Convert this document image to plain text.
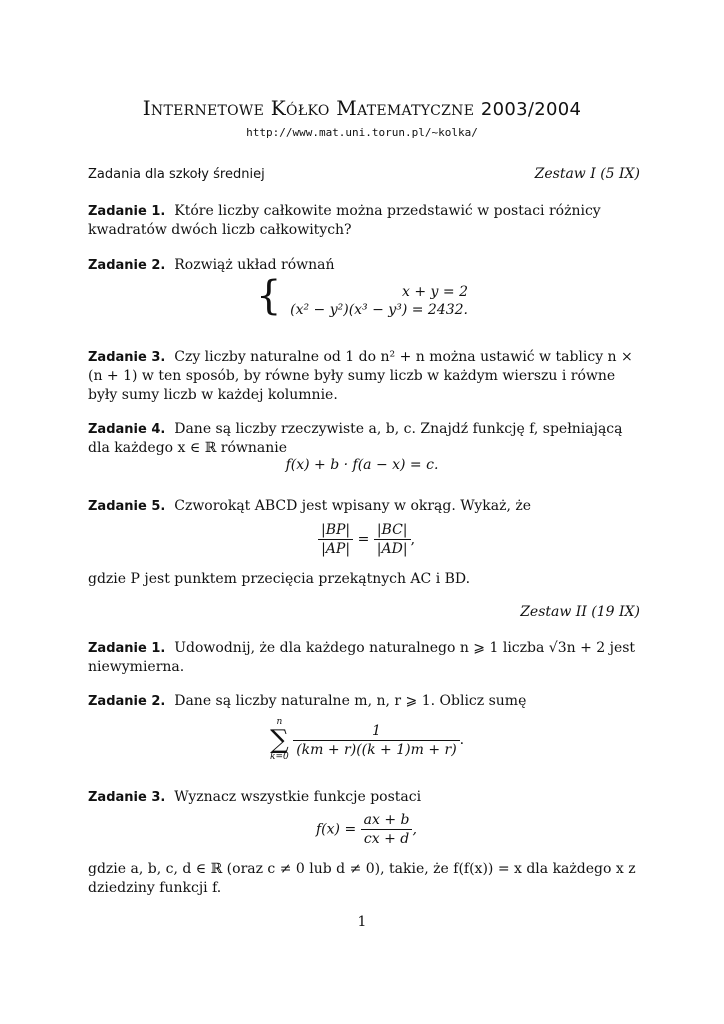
Internetowe Kółko Matematyczne 2003/2004
http://www.mat.uni.torun.pl/~kolka/
Zadania dla szkoły średniej	Zestaw I (5 IX)
Zadanie 1. Które liczby całkowite można przedstawić w postaci różnicy kwadratów dwóch liczb całkowitych?
Zadanie 2. Rozwiąż układ równań
{	x + y = 2
(x² − y²)(x³ − y³) = 2432.
Zadanie 3. Czy liczby naturalne od 1 do n² + n można ustawić w tablicy n × (n + 1) w ten sposób, by równe były sumy liczb w każdym wierszu i równe były sumy liczb w każdej kolumnie.
Zadanie 4. Dane są liczby rzeczywiste a, b, c. Znajdź funkcję f, spełniającą dla każdego x ∈ ℝ równanie
f(x) + b · f(a − x) = c.
Zadanie 5. Czworokąt ABCD jest wpisany w okrąg. Wykaż, że
$\frac{|BP|}{|AP|} = \frac{|BC|}{|AD|}$ ,
gdzie P jest punktem przecięcia przekątnych AC i BD.
Zestaw II (19 IX)
Zadanie 1. Udowodnij, że dla każdego naturalnego n ⩾ 1 liczba √3n + 2 jest niewymierna.
Zadanie 2. Dane są liczby naturalne m, n, r ⩾ 1. Oblicz sumę
n
∑
k=0
$\frac{1}{(km + r)((k + 1)m + r)}$ .
Zadanie 3. Wyznacz wszystkie funkcje postaci
$f(x) = \frac{ax + b}{cx + d}$ ,
gdzie a, b, c, d ∈ ℝ (oraz c ≠ 0 lub d ≠ 0), takie, że f(f(x)) = x dla każdego x z dziedziny funkcji f.
1
